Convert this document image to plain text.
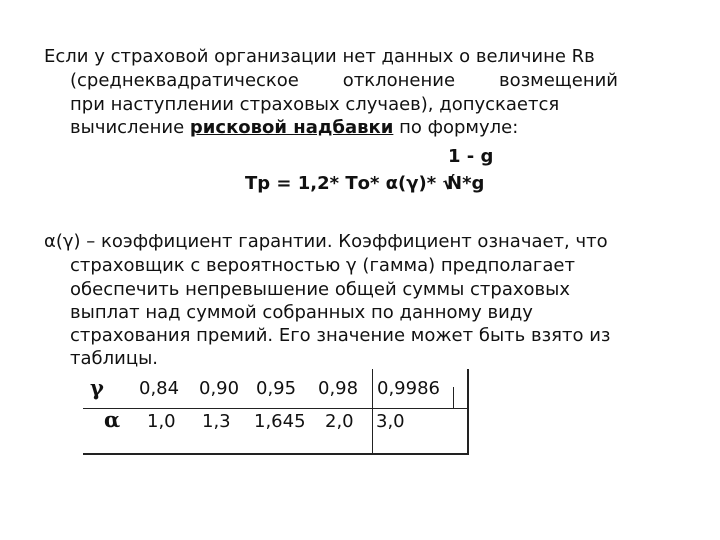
Если у страховой организации нет данных о величине Rв
(среднеквадратическое отклонение возмещений
при наступлении страховых случаев), допускается
вычисление рисковой надбавки по формуле:
1 - g
Тр = 1,2* То* α(γ)* √
N*g
α(γ) – коэффициент гарантии. Коэффициент означает, что
страховщик с вероятностью γ (гамма) предполагает
обеспечить непревышение общей суммы страховых
выплат над суммой собранных по данному виду
страхования премий. Его значение может быть взято из
таблицы.
γ 0,84 0,90 0,95 0,98 0,9986
α 1,0 1,3 1,645 2,0 3,0
